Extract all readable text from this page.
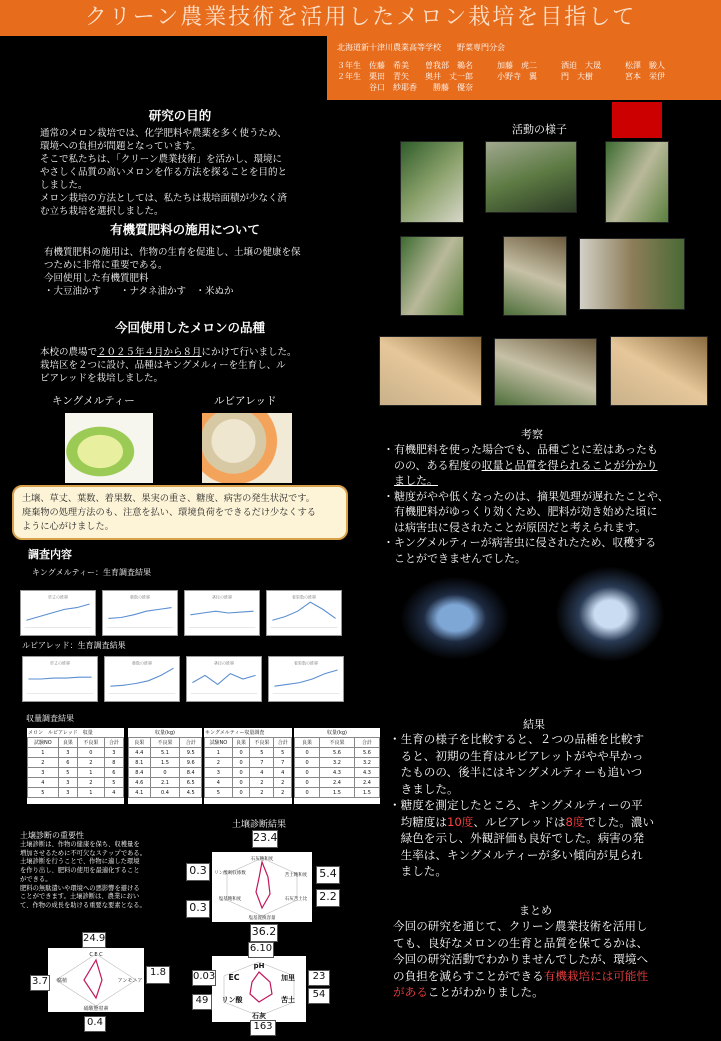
クリーン農業技術を活用したメロン栽培を目指して
北海道新十津川農業高等学校　　野菜専門分会
３年生　佐藤　希美　　曽我部　鵜名　　　加藤　虎二　　　酒迫　大晟　　　松澤　駿人
２年生　栗田　青矢　　奥井　丈一郎　　　小野寺　翼　　　門　大樹　　　　宮本　栄伊
　　　　谷口　紗耶香　　勝藤　優奈
研究の目的
通常のメロン栽培では、化学肥料や農薬を多く使うため、
環境への負担が問題となっています。
そこで私たちは、「クリーン農業技術」を活かし、環境に
やさしく品質の高いメロンを作る方法を探ることを目的と
しました。
メロン栽培の方法としては、私たちは栽培面積が少なく済
む立ち栽培を選択しました。
有機質肥料の施用について
有機質肥料の施用は、作物の生育を促進し、土壌の健康を保
つために非常に重要である。
今回使用した有機質肥料
・大豆油かす　　・ナタネ油かす　・米ぬか
今回使用したメロンの品種
本校の農場で２０２５年４月から８月にかけて行いました。
栽培区を２つに設け、品種はキングメルィーを生育し、ル
ビアレッドを栽培しました。
キングメルティー	ルビアレッド
土壌、草丈、葉数、着果数、果実の重さ、糖度、病害の発生状況です。
廃棄物の処理方法のも、注意を払い、環境負荷をできるだけ少なくする
ように心がけました。
調査内容
キングメルティー：生育調査結果
草丈の推移	葉数の推移	茎径の推移	着果数の推移
ルビアレッド：生育調査結果
草丈の推移	葉数の推移	茎径の推移	着果数の推移
収量調査結果
メロン　ルビアレッド　収量
試験NO	良果	不良果	合計
1	3	0	3
2	6	2	8
3	5	1	6
4	3	2	5
5	3	1	4
収量(kg)
良果	不良果	合計
4.4	5.1	9.5
8.1	1.5	9.6
8.4	0	8.4
4.6	2.1	6.5
4.1	0.4	4.5
キングメルティー収量調査
試験NO	良果	不良果	合計
1	0	5	5
2	0	7	7
3	0	4	4
4	0	2	2
5	0	2	2
収量(kg)
良果	不良果	合計
0	5.6	5.6
0	3.2	3.2
0	4.3	4.3
0	2.4	2.4
0	1.5	1.5
土壌診断結果
土壌診断の重要性
土壌診断は、作物の健康を保ち、収穫量を
増加させるために不可欠なステップである。
土壌診断を行うことで、作物に適した環境
を作り出し、肥料の使用を最適化すること
ができる。
肥料の無駄遣いや環境への悪影響を避ける
ことができます。土壌診断は、農業におい
て、作物の成長を助ける重要な要素となる。
石灰飽和度
リン酸吸収係数
塩基飽和度
苦土飽和度
石灰苦土比
塩基置換容量
23.4
0.3	5.4
2.2
36.2
0.3
C E C
腐植	アンモニア
硝酸態窒素
24.9
3.7
1.8
0.4
pH
EC
リン酸
加里
苦土
石灰
6.10
0.03
49
23
54
163
活動の様子
考察
・ 有機肥料を使った場合でも、品種ごとに差はあったも
のの、ある程度の収量と品質を得られることが分かり
ました。
・ 糖度がやや低くなったのは、摘果処理が遅れたことや、
有機肥料がゆっくり効くため、肥料が効き始めた頃に
は病害虫に侵されたことが原因だと考えられます。
・ キングメルティーが病害虫に侵されたため、収穫する
ことができませんでした。
結果
・ 生育の様子を比較すると、２つの品種を比較す
ると、初期の生育はルビアレットがやや早かっ
たものの、後半にはキングメルティーも追いつ
きました。
・ 糖度を測定したところ、キングメルティーの平
均糖度は10度、ルビアレッドは8度でした。濃い
緑色を示し、外観評価も良好でした。病害の発
生率は、キングメルティーが多い傾向が見られ
ました。
まとめ
今回の研究を通じて、クリーン農業技術を活用し
ても、良好なメロンの生育と品質を保てるかは、
今回の研究活動でわかりませんでしたが、環境へ
の負担を減らすことができる有機栽培には可能性
があることがわかりました。
